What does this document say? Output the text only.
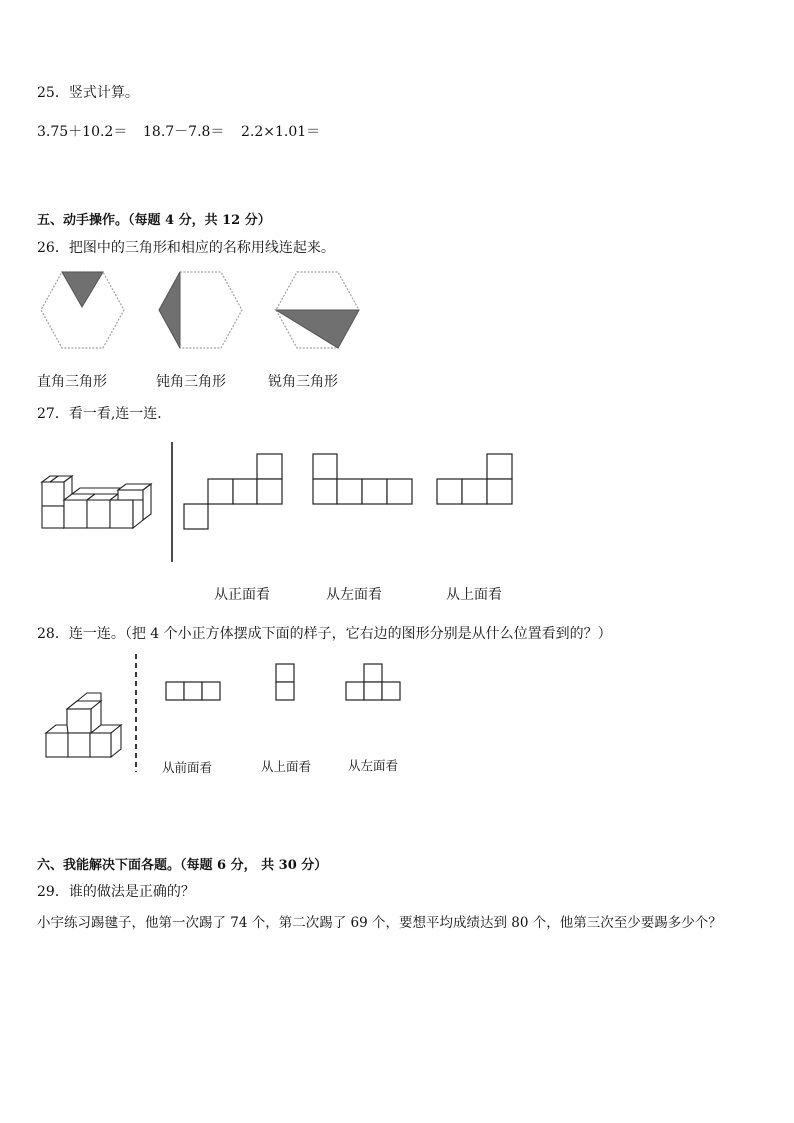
25．竖式计算。
3.75＋10.2＝ 18.7－7.8＝ 2.2×1.01＝
五、动手操作。（每题 4 分，共 12 分）
26．把图中的三角形和相应的名称用线连起来。
直角三角形	钝角三角形	锐角三角形
27．看一看,连一连．
从正面看	从左面看	从上面看
28．连一连。（把 4 个小正方体摆成下面的样子，它右边的图形分别是从什么位置看到的？）
从前面看	从上面看	从左面看
六、我能解决下面各题。（每题 6 分， 共 30 分）
29．谁的做法是正确的？
小宇练习踢毽子，他第一次踢了 74 个，第二次踢了 69 个，要想平均成绩达到 80 个，他第三次至少要踢多少个？
